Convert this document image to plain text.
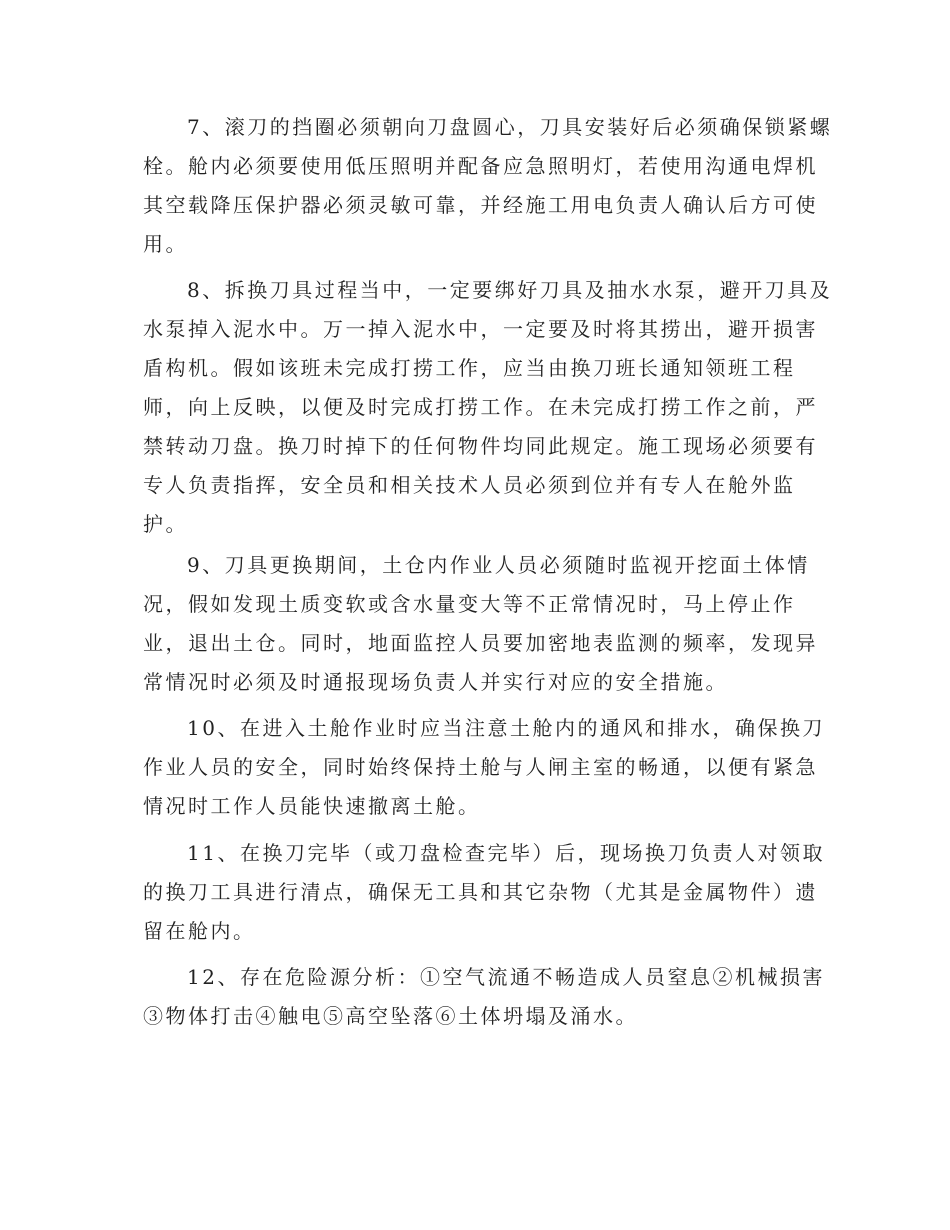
7、滚刀的挡圈必须朝向刀盘圆心，刀具安装好后必须确保锁紧螺
栓。舱内必须要使用低压照明并配备应急照明灯，若使用沟通电焊机
其空载降压保护器必须灵敏可靠，并经施工用电负责人确认后方可使
用。
8、拆换刀具过程当中，一定要绑好刀具及抽水水泵，避开刀具及
水泵掉入泥水中。万一掉入泥水中，一定要及时将其捞出，避开损害
盾构机。假如该班未完成打捞工作，应当由换刀班长通知领班工程
师，向上反映，以便及时完成打捞工作。在未完成打捞工作之前，严
禁转动刀盘。换刀时掉下的任何物件均同此规定。施工现场必须要有
专人负责指挥，安全员和相关技术人员必须到位并有专人在舱外监
护。
9、刀具更换期间，土仓内作业人员必须随时监视开挖面土体情
况，假如发现土质变软或含水量变大等不正常情况时，马上停止作
业，退出土仓。同时，地面监控人员要加密地表监测的频率，发现异
常情况时必须及时通报现场负责人并实行对应的安全措施。
10、在进入土舱作业时应当注意土舱内的通风和排水，确保换刀
作业人员的安全，同时始终保持土舱与人闸主室的畅通，以便有紧急
情况时工作人员能快速撤离土舱。
11、在换刀完毕（或刀盘检查完毕）后，现场换刀负责人对领取
的换刀工具进行清点，确保无工具和其它杂物（尤其是金属物件）遗
留在舱内。
12、存在危险源分析：①空气流通不畅造成人员窒息②机械损害
③物体打击④触电⑤高空坠落⑥土体坍塌及涌水。
